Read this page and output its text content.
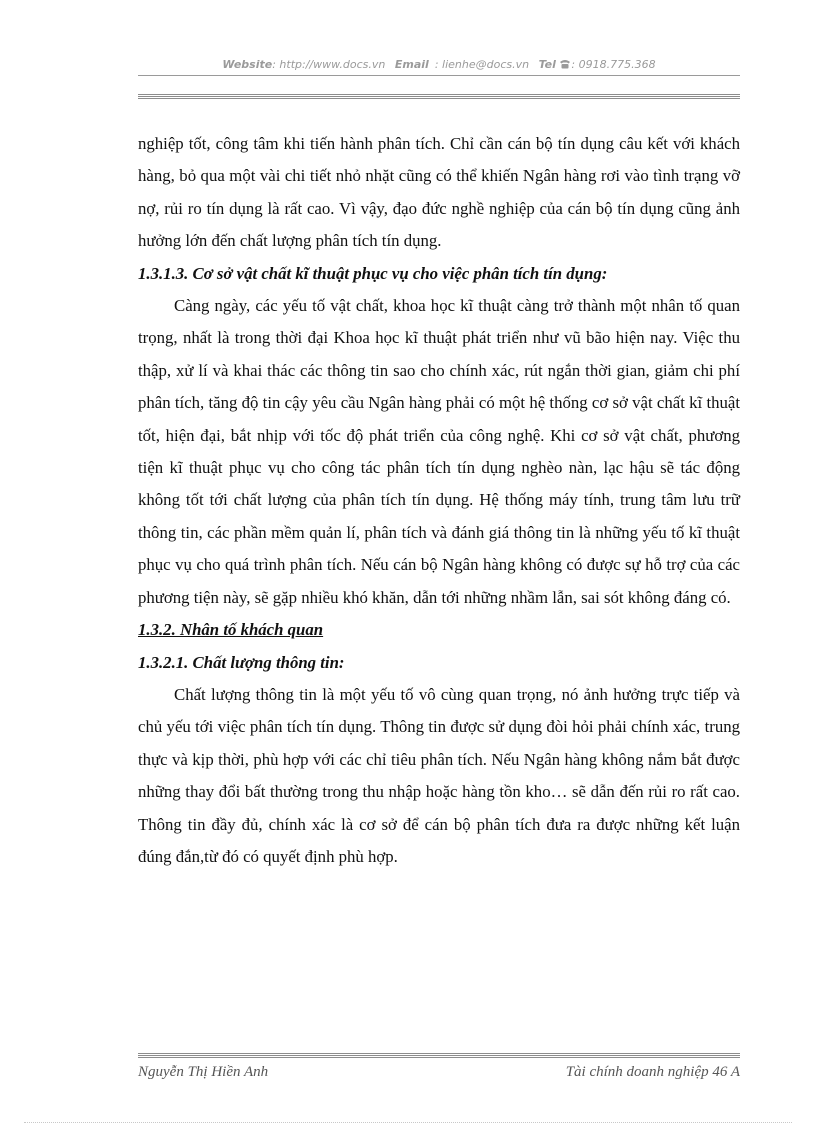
Website: http://www.docs.vn Email : lienhe@docs.vn Tel : 0918.775.368

nghiệp tốt, công tâm khi tiến hành phân tích. Chỉ cần cán bộ tín dụng câu kết với khách hàng, bỏ qua một vài chi tiết nhỏ nhặt cũng có thể khiến Ngân hàng rơi vào tình trạng vỡ nợ, rủi ro tín dụng là rất cao. Vì vậy, đạo đức nghề nghiệp của cán bộ tín dụng cũng ảnh hưởng lớn đến chất lượng phân tích tín dụng.

1.3.1.3. Cơ sở vật chất kĩ thuật phục vụ cho việc phân tích tín dụng:

Càng ngày, các yếu tố vật chất, khoa học kĩ thuật càng trở thành một nhân tố quan trọng, nhất là trong thời đại Khoa học kĩ thuật phát triển như vũ bão hiện nay. Việc thu thập, xử lí và khai thác các thông tin sao cho chính xác, rút ngắn thời gian, giảm chi phí phân tích, tăng độ tin cậy yêu cầu Ngân hàng phải có một hệ thống cơ sở vật chất kĩ thuật tốt, hiện đại, bắt nhịp với tốc độ phát triển của công nghệ. Khi cơ sở vật chất, phương tiện kĩ thuật phục vụ cho công tác phân tích tín dụng nghèo nàn, lạc hậu sẽ tác động không tốt tới chất lượng của phân tích tín dụng. Hệ thống máy tính, trung tâm lưu trữ thông tin, các phần mềm quản lí, phân tích và đánh giá thông tin là những yếu tố kĩ thuật phục vụ cho quá trình phân tích. Nếu cán bộ Ngân hàng không có được sự hỗ trợ của các phương tiện này, sẽ gặp nhiều khó khăn, dẫn tới những nhầm lẫn, sai sót không đáng có.

1.3.2. Nhân tố khách quan

1.3.2.1. Chất lượng thông tin:

Chất lượng thông tin là một yếu tố vô cùng quan trọng, nó ảnh hưởng trực tiếp và chủ yếu tới việc phân tích tín dụng. Thông tin được sử dụng đòi hỏi phải chính xác, trung thực và kịp thời, phù hợp với các chỉ tiêu phân tích. Nếu Ngân hàng không nắm bắt được những thay đổi bất thường trong thu nhập hoặc hàng tồn kho… sẽ dẫn đến rủi ro rất cao. Thông tin đầy đủ, chính xác là cơ sở để cán bộ phân tích đưa ra được những kết luận đúng đắn,từ đó có quyết định phù hợp.

Nguyễn Thị Hiền Anh	Tài chính doanh nghiệp 46 A
